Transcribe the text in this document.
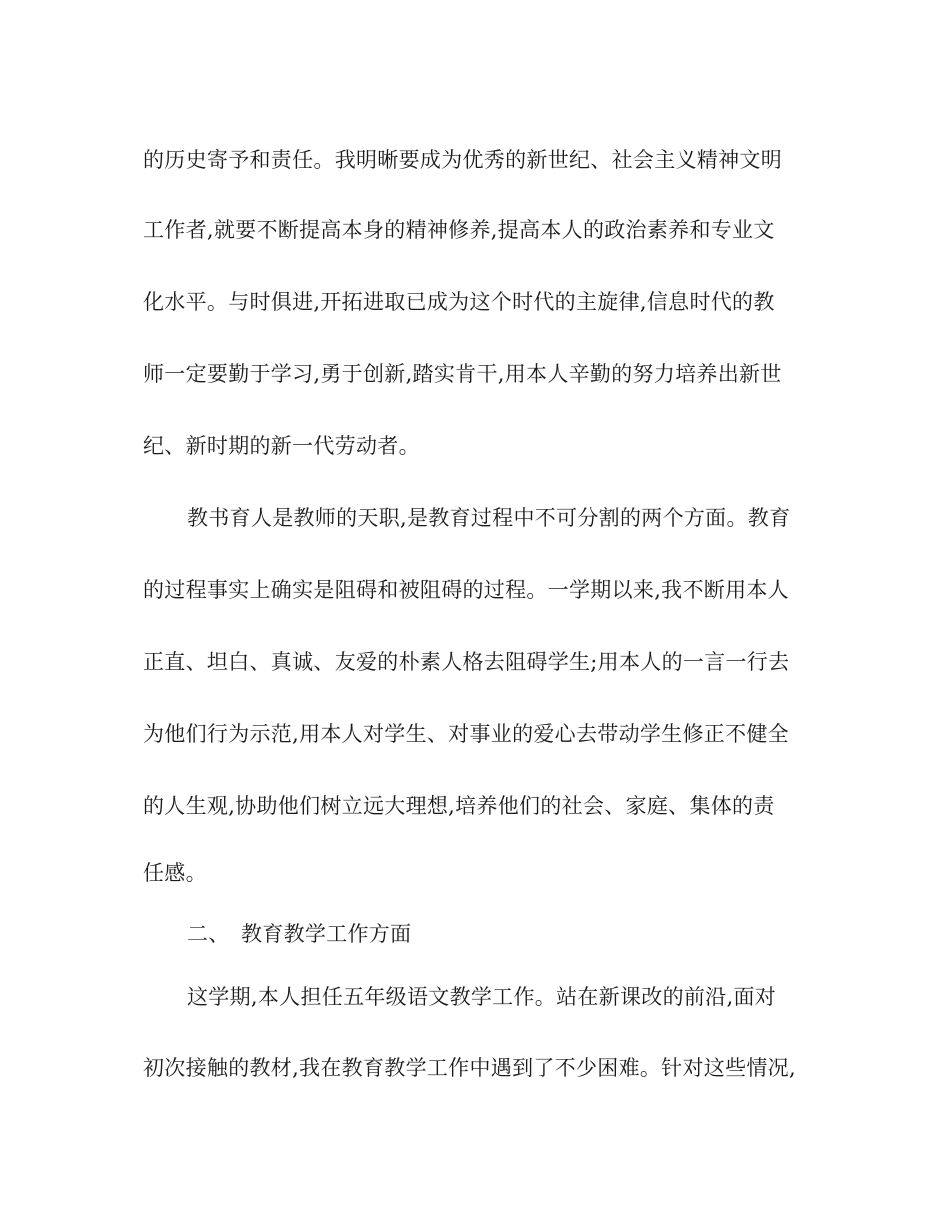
的历史寄予和责任。我明晰要成为优秀的新世纪、社会主义精神文明
工作者,就要不断提高本身的精神修养,提高本人的政治素养和专业文
化水平。与时俱进,开拓进取已成为这个时代的主旋律,信息时代的教
师一定要勤于学习,勇于创新,踏实肯干,用本人辛勤的努力培养出新世
纪、新时期的新一代劳动者。
教书育人是教师的天职,是教育过程中不可分割的两个方面。教育
的过程事实上确实是阻碍和被阻碍的过程。一学期以来,我不断用本人
正直、坦白、真诚、友爱的朴素人格去阻碍学生;用本人的一言一行去
为他们行为示范,用本人对学生、对事业的爱心去带动学生修正不健全
的人生观,协助他们树立远大理想,培养他们的社会、家庭、集体的责
任感。
二、 教育教学工作方面
这学期,本人担任五年级语文教学工作。站在新课改的前沿,面对
初次接触的教材,我在教育教学工作中遇到了不少困难。针对这些情况,
